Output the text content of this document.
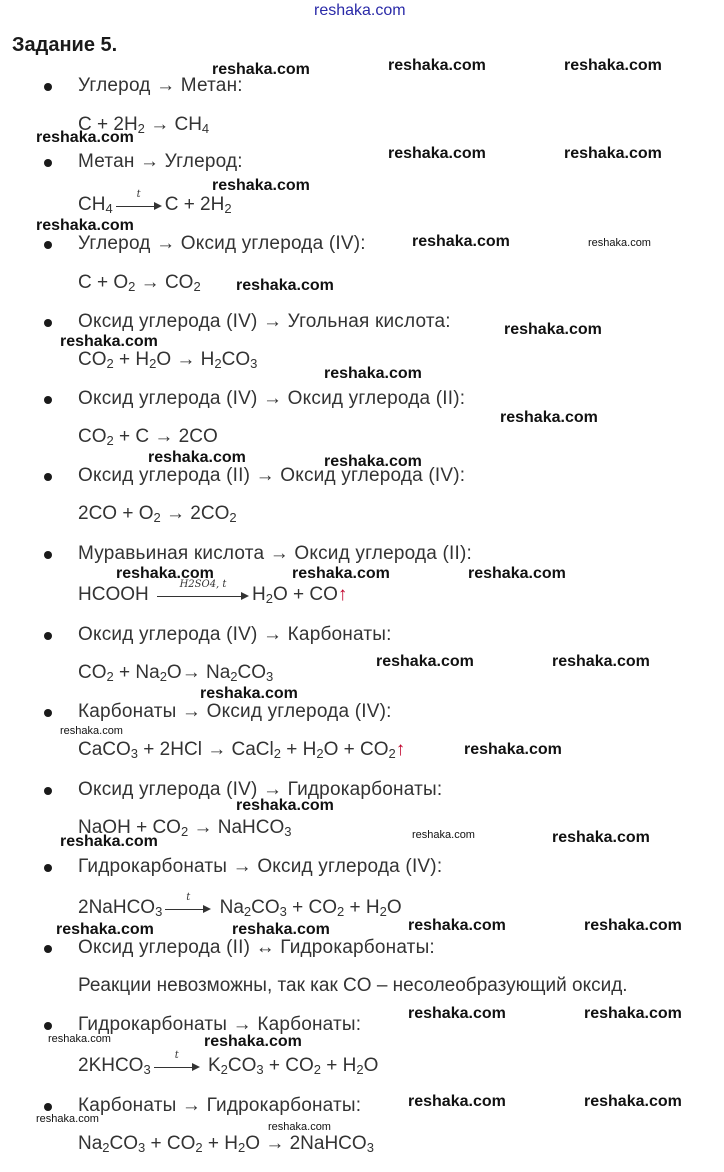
reshaka.com
Задание 5.
Углерод → Метан:
$C + 2H_2 \to CH_4$
Метан → Углерод:
$CH_4$
t	$C + 2H_2$
Углерод → Оксид углерода (IV):
$C + O_2 \to CO_2$
Оксид углерода (IV) → Угольная кислота:
$CO_2 + H_2O \to H_2CO_3$
Оксид углерода (IV) → Оксид углерода (II):
$CO_2 + C \to 2CO$
Оксид углерода (II) → Оксид углерода (IV):
$2CO + O_2 \to 2CO_2$
Муравьиная кислота → Оксид углерода (II):
HCOOH	H2SO4, t	$H_2O$ + CO↑
Оксид углерода (IV) → Карбонаты:
$CO_2 + Na_2O\to Na_2CO_3$
Карбонаты → Оксид углерода (IV):
CaCO$_3$ + 2HCl → CaCl$_2$ + $H_2O$ + $CO_2↑$
Оксид углерода (IV) → Гидрокарбонаты:
NaOH + $CO_2$ → NaHCO$_3$
Гидрокарбонаты → Оксид углерода (IV):
2NaHCO$_3$
t	$Na_2CO_3 + CO_2 + H_2O$
Оксид углерода (II) ↔ Гидрокарбонаты:
Реакции невозможны, так как CO – несолеобразующий оксид.
Гидрокарбонаты → Карбонаты:
$2KHCO_3$
t	$K_2CO_3 + CO_2 + H_2O$
Карбонаты → Гидрокарбонаты:
$Na_2CO_3 + CO_2 + H_2O$ → 2NaHCO$_3$
reshaka.com	reshaka.com	reshaka.com
reshaka.com
reshaka.com	reshaka.com
reshaka.com
reshaka.com
reshaka.com	reshaka.com
reshaka.com
reshaka.com
reshaka.com
reshaka.com
reshaka.com
reshaka.com	reshaka.com
reshaka.com	reshaka.com	reshaka.com
reshaka.com	reshaka.com
reshaka.com
reshaka.com
reshaka.com
reshaka.com
reshaka.com	reshaka.com	reshaka.com
reshaka.com	reshaka.com	reshaka.com	reshaka.com
reshaka.com	reshaka.com
reshaka.com	reshaka.com
reshaka.com	reshaka.com
reshaka.com
reshaka.com
